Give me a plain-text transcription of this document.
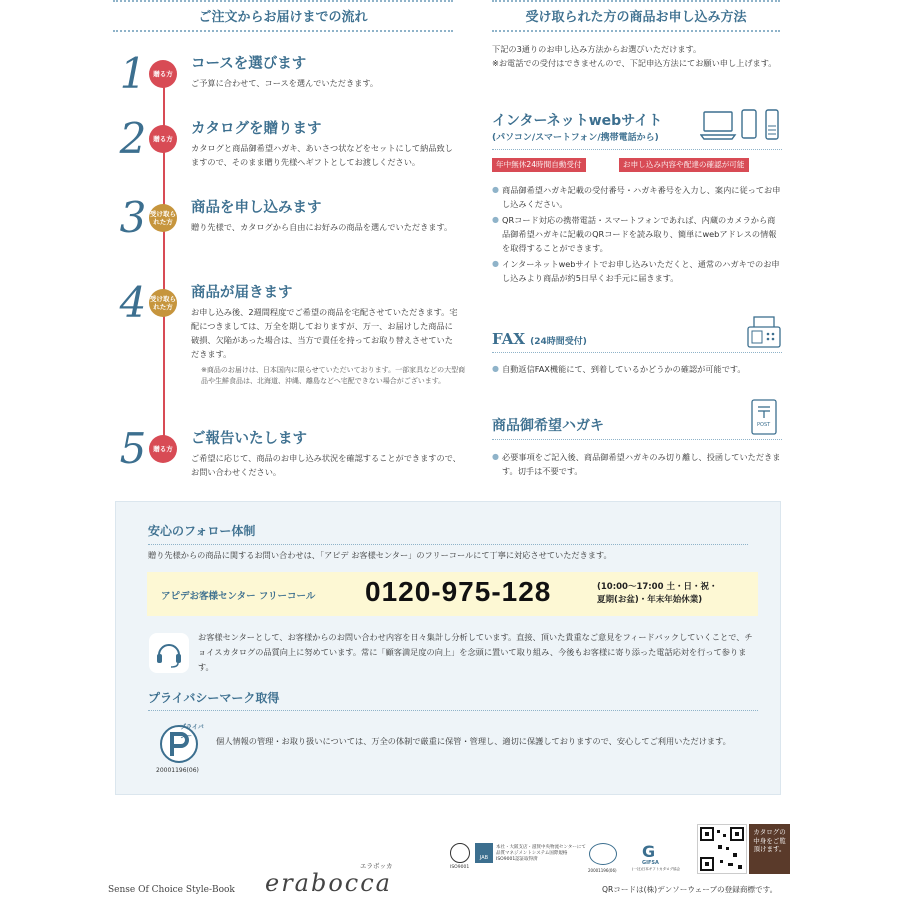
ご注文からお届けまでの流れ	受け取られた方の商品お申し込み方法
1	贈る方
コースを選びます
ご予算に合わせて、コースを選んでいただきます。
2	贈る方
カタログを贈ります
カタログと商品御希望ハガキ、あいさつ状などをセットにして納品致しますので、そのまま贈り先様へギフトとしてお渡しください。
3 受け取られた方
商品を申し込みます
贈り先様で、カタログから自由にお好みの商品を選んでいただきます。
4 受け取られた方
商品が届きます
お申し込み後、2週間程度でご希望の商品を宅配させていただきます。宅配につきましては、万全を期しておりますが、万一、お届けした商品に破損、欠陥があった場合は、当方で責任を持ってお取り替えさせていただきます。
※商品のお届けは、日本国内に限らせていただいております。一部家具などの大型商品や生鮮食品は、北海道、沖縄、離島などへ宅配できない場合がございます。
5	贈る方
ご報告いたします
ご希望に応じて、商品のお申し込み状況を確認することができますので、お問い合わせください。
下記の3通りのお申し込み方法からお選びいただけます。
※お電話での受付はできませんので、下記申込方法にてお願い申し上げます。
インターネットwebサイト
(パソコン/スマートフォン/携帯電話から)
年中無休24時間自動受付	お申し込み内容や配達の確認が可能
● 商品御希望ハガキ記載の受付番号・ハガキ番号を入力し、案内に従ってお申し込みください。
● QRコード対応の携帯電話・スマートフォンであれば、内蔵のカメラから商品御希望ハガキに記載のQRコードを読み取り、簡単にwebアドレスの情報を取得することができます。
● インターネットwebサイトでお申し込みいただくと、通常のハガキでのお申し込みより商品が約5日早くお手元に届きます。
FAX (24時間受付)
● 自動返信FAX機能にて、到着しているかどうかの確認が可能です。
商品御希望ハガキ	POST
● 必要事項をご記入後、商品御希望ハガキのみ切り離し、投函していただきます。切手は不要です。
安心のフォロー体制
贈り先様からの商品に関するお問い合わせは、「アピデ お客様センター」のフリーコールにて丁寧に対応させていただきます。
アピデお客様センター フリーコール 0120-975-128	(10:00〜17:00 土・日・祝・
夏期(お盆)・年末年始休業)
お客様センターとして、お客様からのお問い合わせ内容を日々集計し分析しています。直接、頂いた貴重なご意見をフィードバックしていくことで、チョイスカタログの品質向上に努めています。常に「顧客満足度の向上」を念頭に置いて取り組み、今後もお客様に寄り添った電話応対を行って参ります。
プライバシーマーク取得
プライバシー
20001196(06)
個人情報の管理・お取り扱いについては、万全の体制で厳重に保管・管理し、適切に保護しておりますので、安心してご利用いただけます。
JAB
ISO9001
本社・大阪支店・滋賀中央物流センターにて品質マネジメントシステム国際規格ISO9001認証取得済
20001196(06)
G
GIFSA
(一社)日本ギフトカタログ協会
カタログの中身をご覧頂けます。
QRコードは(株)デンソーウェーブの登録商標です。
Sense Of Choice Style-Book
エラボッカ
erabocca
